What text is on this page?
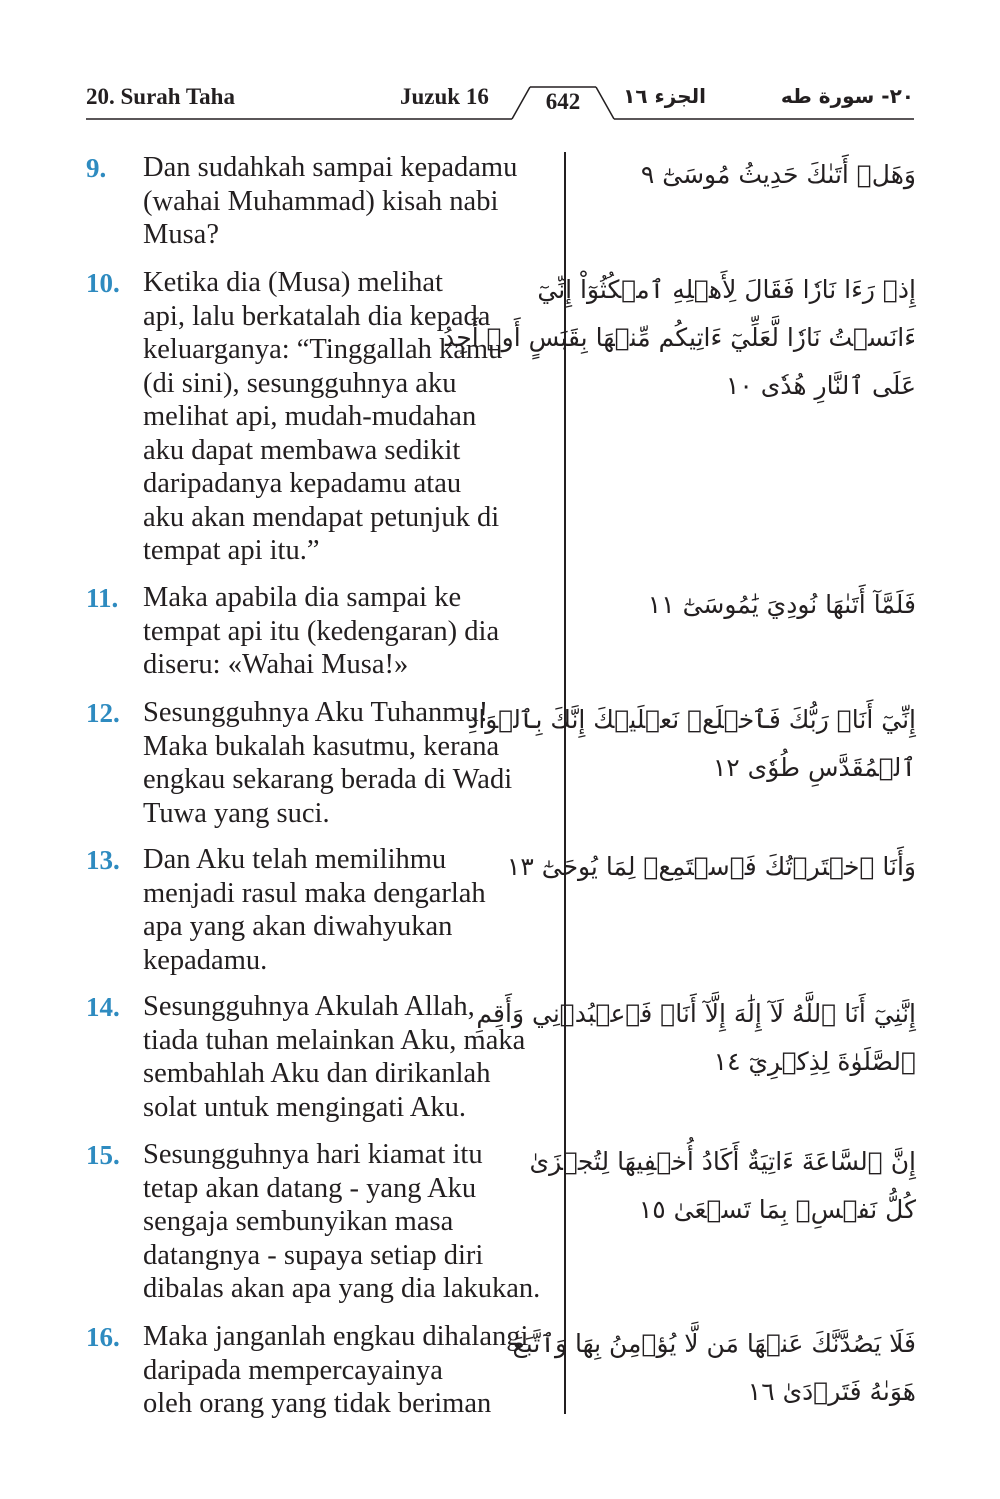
20. Surah Taha	Juzuk 16	642	الجزء ١٦	٢٠- سورة طه
9.	Dan sudahkah sampai kepadamu
(wahai Muhammad) kisah nabi
Musa?
وَهَلۡ أَتَىٰكَ حَدِيثُ مُوسَىٰٓ ٩
10. Ketika dia (Musa) melihat
api, lalu berkatalah dia kepada
keluarganya: “Tinggallah kamu
(di sini), sesungguhnya aku
melihat api, mudah-mudahan
aku dapat membawa sedikit
daripadanya kepadamu atau
aku akan mendapat petunjuk di
tempat api itu.”
إِذۡ رَءَا نَارٗا فَقَالَ لِأَهۡلِهِ ٱمۡكُثُوٓاْ إِنِّيٓ
ءَانَسۡتُ نَارٗا لَّعَلِّيٓ ءَاتِيكُم مِّنۡهَا بِقَبَسٍ أَوۡ أَجِدُ
عَلَى ٱلنَّارِ هُدٗى ١٠
11. Maka apabila dia sampai ke
tempat api itu (kedengaran) dia
diseru: «Wahai Musa!»
فَلَمَّآ أَتَىٰهَا نُودِيَ يَٰمُوسَىٰٓ ١١
12. Sesungguhnya Aku Tuhanmu!
Maka bukalah kasutmu, kerana
engkau sekarang berada di Wadi
Tuwa yang suci.
إِنِّيٓ أَنَا۠ رَبُّكَ فَٱخۡلَعۡ نَعۡلَيۡكَ إِنَّكَ بِٱلۡوَادِ
ٱلۡمُقَدَّسِ طُوٗى ١٢
13. Dan Aku telah memilihmu
menjadi rasul maka dengarlah
apa yang akan diwahyukan
kepadamu.
وَأَنَا ٱخۡتَرۡتُكَ فَٱسۡتَمِعۡ لِمَا يُوحَىٰٓ ١٣
14. Sesungguhnya Akulah Allah,
tiada tuhan melainkan Aku, maka
sembahlah Aku dan dirikanlah
solat untuk mengingati Aku.
إِنَّنِيٓ أَنَا ٱللَّهُ لَآ إِلَٰهَ إِلَّآ أَنَا۠ فَٱعۡبُدۡنِي وَأَقِمِ
ٱلصَّلَوٰةَ لِذِكۡرِيٓ ١٤
15. Sesungguhnya hari kiamat itu
tetap akan datang - yang Aku
sengaja sembunyikan masa
datangnya - supaya setiap diri
dibalas akan apa yang dia lakukan.
إِنَّ ٱلسَّاعَةَ ءَاتِيَةٌ أَكَادُ أُخۡفِيهَا لِتُجۡزَىٰ
كُلُّ نَفۡسِۭ بِمَا تَسۡعَىٰ ١٥
16. Maka janganlah engkau dihalangi
daripada mempercayainya
oleh orang yang tidak beriman
فَلَا يَصُدَّنَّكَ عَنۡهَا مَن لَّا يُؤۡمِنُ بِهَا وَٱتَّبَعَ
هَوَىٰهُ فَتَرۡدَىٰ ١٦
